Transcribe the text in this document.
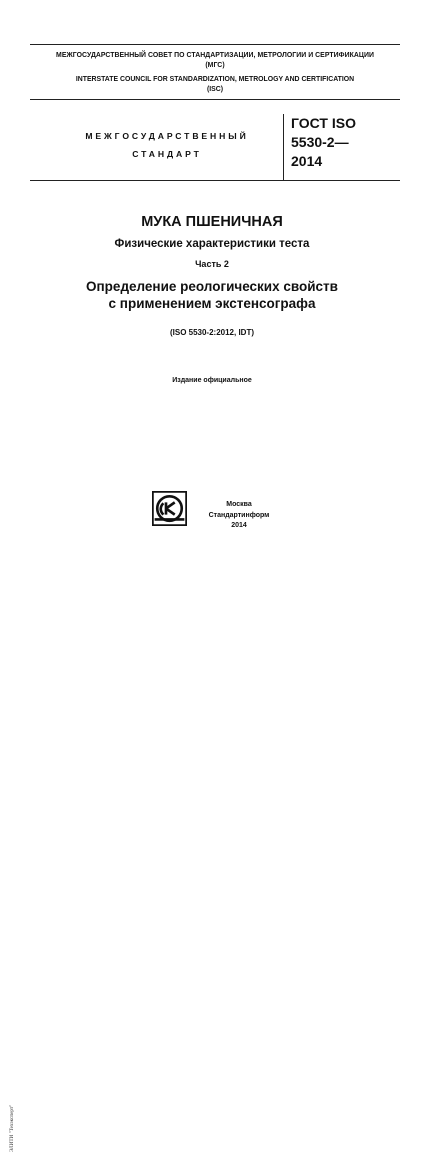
МЕЖГОСУДАРСТВЕННЫЙ СОВЕТ ПО СТАНДАРТИЗАЦИИ, МЕТРОЛОГИИ И СЕРТИФИКАЦИИ
(МГС)
INTERSTATE COUNCIL FOR STANDARDIZATION, METROLOGY AND CERTIFICATION
(ISC)
МЕЖГОСУДАРСТВЕННЫЙ
СТАНДАРТ
ГОСТ ISO
5530-2—
2014
МУКА ПШЕНИЧНАЯ
Физические характеристики теста
Часть 2
Определение реологических свойств
с применением экстенсографа
(ISO 5530-2:2012, IDT)
Издание официальное
Москва
Стандартинформ
2014
ЭЛИТИ "Техэксперт"
